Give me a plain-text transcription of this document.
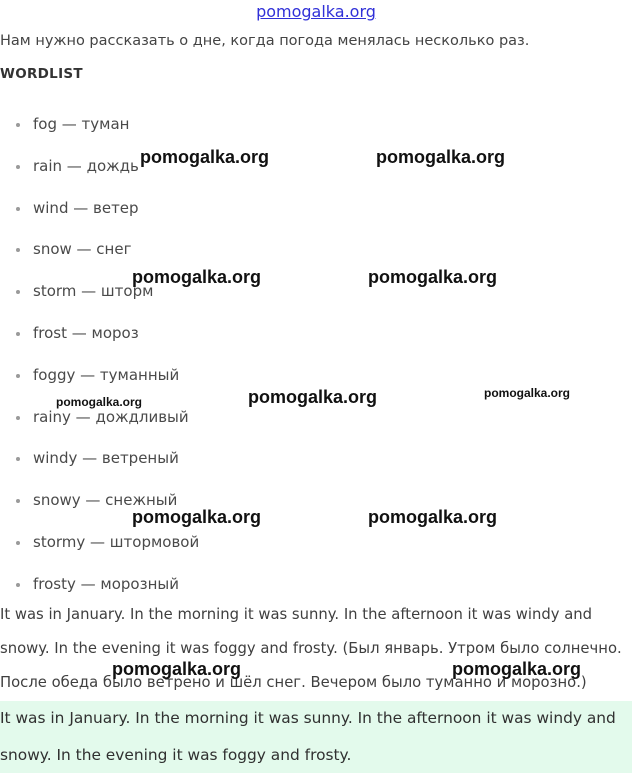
pomogalka.org
Нам нужно рассказать о дне, когда погода менялась несколько раз.
WORDLIST
fog — туман
rain — дождь
wind — ветер
snow — снег
storm — шторм
frost — мороз
foggy — туманный
rainy — дождливый
windy — ветреный
snowy — снежный
stormy — штормовой
frosty — морозный

It was in January. In the morning it was sunny. In the afternoon it was windy and snowy. In the evening it was foggy and frosty. (Был январь. Утром было солнечно. После обеда было ветрено и шёл снег. Вечером было туманно и морозно.)

It was in January. In the morning it was sunny. In the afternoon it was windy and snowy. In the evening it was foggy and frosty.

pomogalka.org	pomogalka.org
pomogalka.org	pomogalka.org
pomogalka.org	pomogalka.org	pomogalka.org
pomogalka.org	pomogalka.org
pomogalka.org	pomogalka.org
